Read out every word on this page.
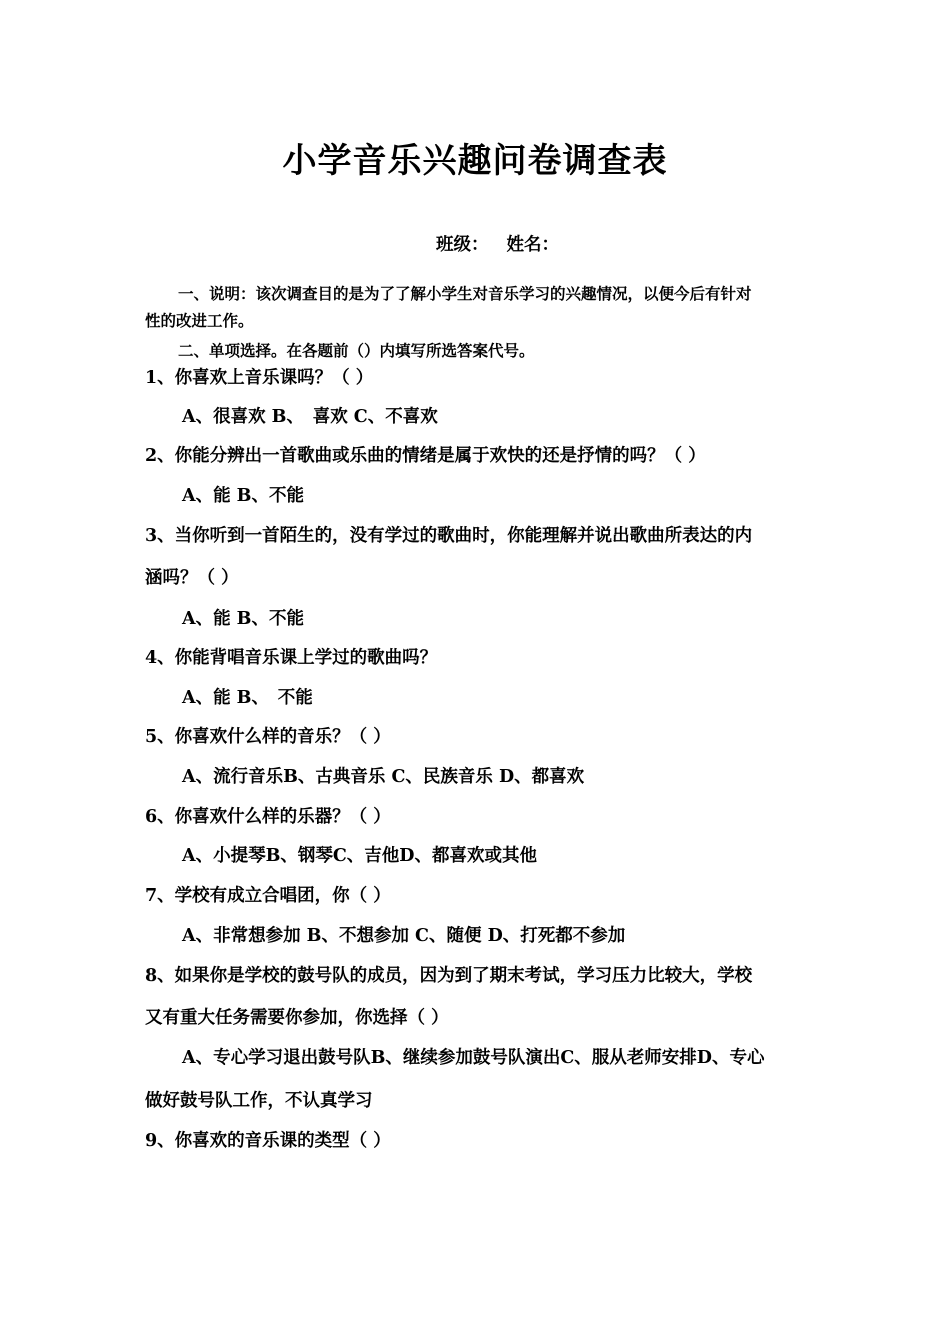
小学音乐兴趣问卷调查表
班级： 姓名：
一、说明：该次调查目的是为了了解小学生对音乐学习的兴趣情况，以便今后有针对
性的改进工作。
二、单项选择。在各题前（）内填写所选答案代号。
1、你喜欢上音乐课吗？（ ）
A、很喜欢 B、　喜欢 C、不喜欢
2、你能分辨出一首歌曲或乐曲的情绪是属于欢快的还是抒情的吗？（ ）
A、能 B、不能
3、当你听到一首陌生的，没有学过的歌曲时，你能理解并说出歌曲所表达的内
涵吗？（ ）
A、能 B、不能
4、你能背唱音乐课上学过的歌曲吗？
A、能 B、　不能
5、你喜欢什么样的音乐？（ ）
A、流行音乐B、古典音乐 C、民族音乐 D、都喜欢
6、你喜欢什么样的乐器？（ ）
A、小提琴B、钢琴C、吉他D、都喜欢或其他
7、学校有成立合唱团，你（ ）
A、非常想参加 B、不想参加 C、随便 D、打死都不参加
8、如果你是学校的鼓号队的成员，因为到了期末考试，学习压力比较大，学校
又有重大任务需要你参加，你选择（ ）
A、专心学习退出鼓号队B、继续参加鼓号队演出C、服从老师安排D、专心
做好鼓号队工作，不认真学习
9、你喜欢的音乐课的类型（ ）
